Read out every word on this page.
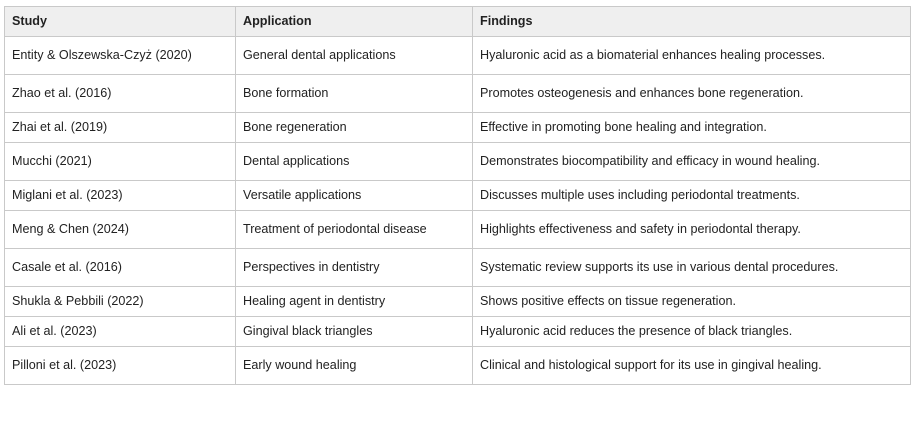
Study	Application	Findings
Entity & Olszewska-Czyż (2020)	General dental applications	Hyaluronic acid as a biomaterial enhances healing processes.
Zhao et al. (2016)	Bone formation	Promotes osteogenesis and enhances bone regeneration.
Zhai et al. (2019)	Bone regeneration	Effective in promoting bone healing and integration.
Mucchi (2021)	Dental applications	Demonstrates biocompatibility and efficacy in wound healing.
Miglani et al. (2023)	Versatile applications	Discusses multiple uses including periodontal treatments.
Meng & Chen (2024)	Treatment of periodontal disease	Highlights effectiveness and safety in periodontal therapy.
Casale et al. (2016)	Perspectives in dentistry	Systematic review supports its use in various dental procedures.
Shukla & Pebbili (2022)	Healing agent in dentistry	Shows positive effects on tissue regeneration.
Ali et al. (2023)	Gingival black triangles	Hyaluronic acid reduces the presence of black triangles.
Pilloni et al. (2023)	Early wound healing	Clinical and histological support for its use in gingival healing.
